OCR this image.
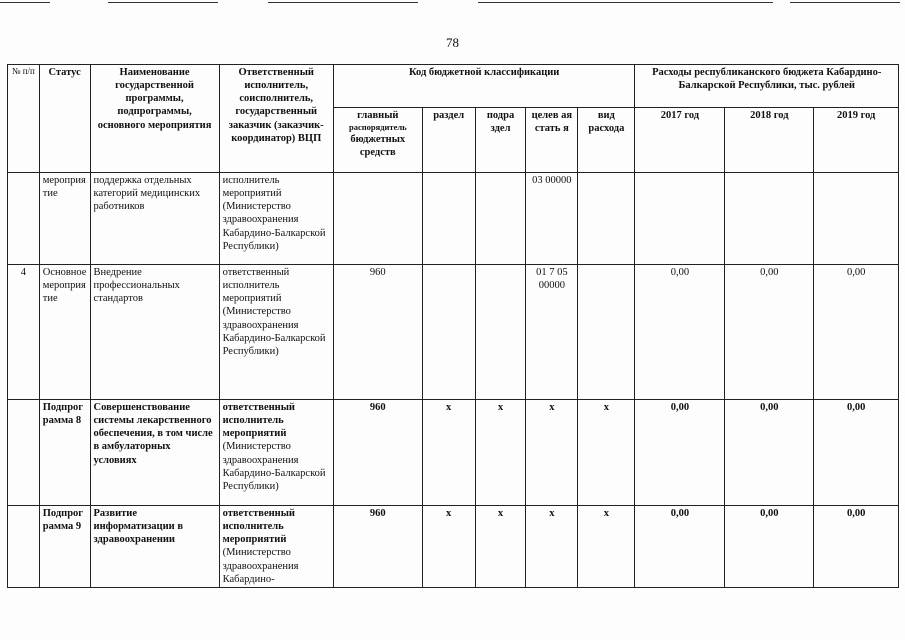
78
№ п/п	Статус	Наименование государственной программы, подпрограммы, основного мероприятия	Ответственный исполнитель, соисполнитель, государственный заказчик (заказчик-координатор) ВЦП	Код бюджетной классификации					Расходы республиканского бюджета Кабардино-Балкарской Республики, тыс. рублей		

				главный
распорядитель
бюджетных средств	раздел	подра здел	целев ая стать я	вид расхода	2017 год	2018 год	2019 год
	мероприя тие	поддержка отдельных категорий медицинских работников	исполнитель мероприятий (Министерство здравоохранения Кабардино-Балкарской Республики)				03 00000				
4	Основное мероприя тие	Внедрение профессиональных стандартов	ответственный исполнитель мероприятий (Министерство здравоохранения Кабардино-Балкарской Республики)	960			01 7 05 00000		0,00	0,00	0,00
	Подпрог рамма 8	Совершенствование системы лекарственного обеспечения, в том числе в амбулаторных условиях	ответственный исполнитель мероприятий (Министерство здравоохранения Кабардино-Балкарской Республики)	960	х	х	х	х	0,00	0,00	0,00
	Подпрог рамма 9	Развитие информатизации в здравоохранении	ответственный исполнитель мероприятий (Министерство здравоохранения Кабардино-	960	х	х	х	х	0,00	0,00	0,00
